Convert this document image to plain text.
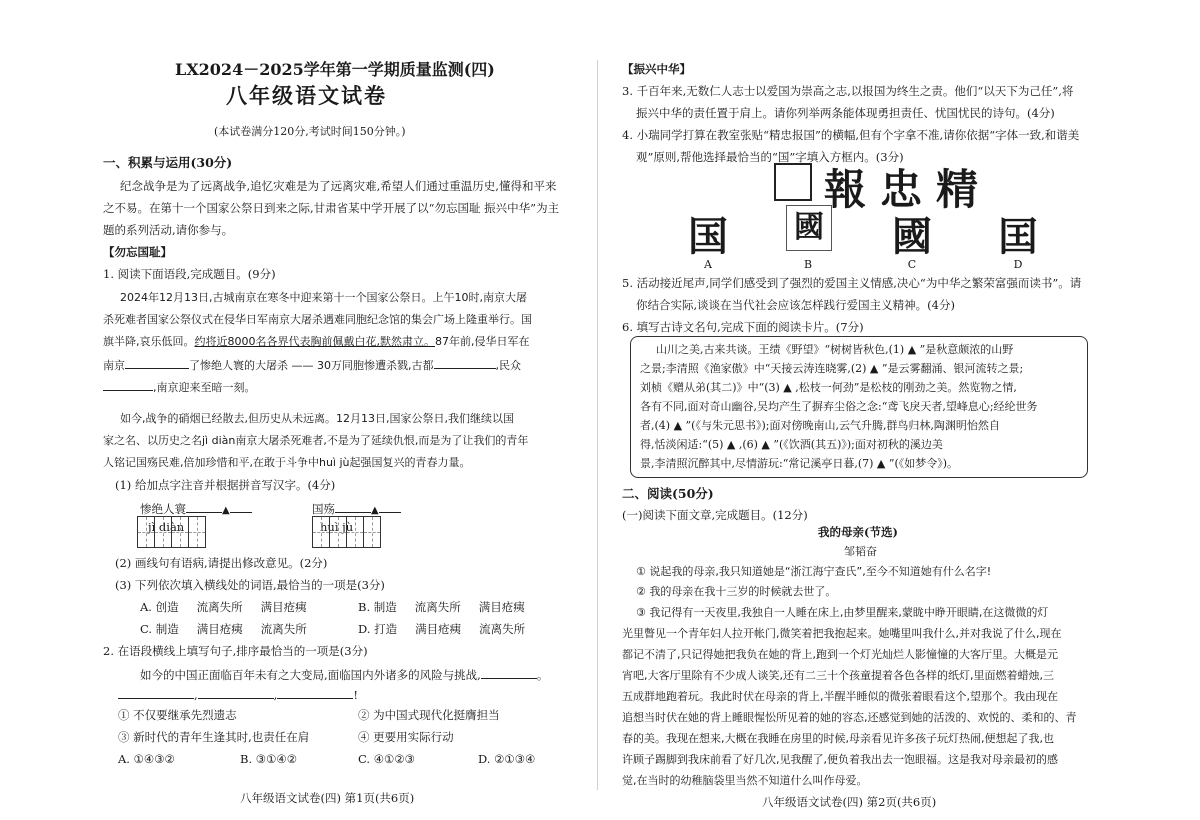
LX2024－2025学年第一学期质量监测(四)
八年级语文试卷
(本试卷满分120分,考试时间150分钟。)
一、积累与运用(30分)
纪念战争是为了远离战争,追忆灾难是为了远离灾难,希望人们通过重温历史,懂得和平来
之不易。在第十一个国家公祭日到来之际,甘肃省某中学开展了以“勿忘国耻 振兴中华”为主
题的系列活动,请你参与。
【勿忘国耻】
1. 阅读下面语段,完成题目。(9分)
2024年12月13日,古城南京在寒冬中迎来第十一个国家公祭日。上午10时,南京大屠
杀死难者国家公祭仪式在侵华日军南京大屠杀遇难同胞纪念馆的集会广场上隆重举行。国
旗半降,哀乐低回。约将近8000名各界代表胸前佩戴白花,默然肃立。87年前,侵华日军在
南京	了惨绝人寰的大屠杀 —— 30万同胞惨遭杀戮,古都	,民众
,南京迎来至暗一刻。
如今,战争的硝烟已经散去,但历史从未远离。12月13日,国家公祭日,我们继续以国
家之名、以历史之名jì diàn南京大屠杀死难者,不是为了延续仇恨,而是为了让我们的青年
人铭记国殇民难,倍加珍惜和平,在敢于斗争中huì jù起强国复兴的青春力量。
(1) 给加点字注音并根据拼音写汉字。(4分)
惨绝人寰	▲	国殇	▲
jì diàn	huì jù
(2) 画线句有语病,请提出修改意见。(2分)
(3) 下列依次填入横线处的词语,最恰当的一项是(3分)
A. 创造 流离失所 满目疮痍	B. 制造 流离失所 满目疮痍
C. 制造 满目疮痍 流离失所	D. 打造 满目疮痍 流离失所
2. 在语段横线上填写句子,排序最恰当的一项是(3分)
如今的中国正面临百年未有之大变局,面临国内外诸多的风险与挑战,	。
,	,	!
① 不仅要继承先烈遗志	② 为中国式现代化挺膺担当
③ 新时代的青年生逢其时,也责任在肩	④ 更要用实际行动
A. ①④③②	B. ③①④②	C. ④①②③	D. ②①③④
八年级语文试卷(四) 第1页(共6页)
【振兴中华】
3. 千百年来,无数仁人志士以爱国为崇高之志,以报国为终生之责。他们“以天下为己任”,将
振兴中华的责任置于肩上。请你列举两条能体现勇担责任、忧国忧民的诗句。(4分)
4. 小瑞同学打算在教室张贴“精忠报国”的横幅,但有个字拿不准,请你依据“字体一致,和谐美
观”原则,帮他选择最恰当的“国”字填入方框内。(3分)
報忠精
国 國 國 囯
A	B	C	D
5. 活动接近尾声,同学们感受到了强烈的爱国主义情感,决心“为中华之繁荣富强而读书”。请
你结合实际,谈谈在当代社会应该怎样践行爱国主义精神。(4分)
6. 填写古诗文名句,完成下面的阅读卡片。(7分)
山川之美,古来共谈。王绩《野望》“树树皆秋色,(1) ▲ ”是秋意颇浓的山野
之景;李清照《渔家傲》中“天接云涛连晓雾,(2) ▲ ”是云雾翻涌、银河流转之景;
刘桢《赠从弟(其二)》中“(3) ▲ ,松枝一何劲”是松枝的刚劲之美。然览物之情,
各有不同,面对奇山幽谷,吴均产生了摒弃尘俗之念:“鸢飞戾天者,望峰息心;经纶世务
者,(4) ▲ ”(《与朱元思书》);面对傍晚南山,云气升腾,群鸟归林,陶渊明怡然自
得,恬淡闲适:“(5) ▲ ,(6) ▲ ”(《饮酒(其五)》);面对初秋的溪边美
景,李清照沉醉其中,尽情游玩:“常记溪亭日暮,(7) ▲ ”(《如梦令》)。
二、阅读(50分)
(一)阅读下面文章,完成题目。(12分)
我的母亲(节选)
邹韬奋
① 说起我的母亲,我只知道她是“浙江海宁查氏”,至今不知道她有什么名字!
② 我的母亲在我十三岁的时候就去世了。
③ 我记得有一天夜里,我独自一人睡在床上,由梦里醒来,蒙眬中睁开眼睛,在这微微的灯
光里瞥见一个青年妇人拉开帐门,微笑着把我抱起来。她嘴里叫我什么,并对我说了什么,现在
都记不清了,只记得她把我负在她的背上,跑到一个灯光灿烂人影憧憧的大客厅里。大概是元
宵吧,大客厅里除有不少成人谈笑,还有二三十个孩童提着各色各样的纸灯,里面燃着蜡烛,三
五成群地跑着玩。我此时伏在母亲的背上,半醒半睡似的微张着眼看这个,望那个。我由现在
追想当时伏在她的背上睡眼惺忪所见着的她的容态,还感觉到她的活泼的、欢悦的、柔和的、青
春的美。我现在想来,大概在我睡在房里的时候,母亲看见许多孩子玩灯热闹,便想起了我,也
许顾子踢脚到我床前看了好几次,见我醒了,便负着我出去一饱眼福。这是我对母亲最初的感
觉,在当时的幼稚脑袋里当然不知道什么叫作母爱。
八年级语文试卷(四) 第2页(共6页)
